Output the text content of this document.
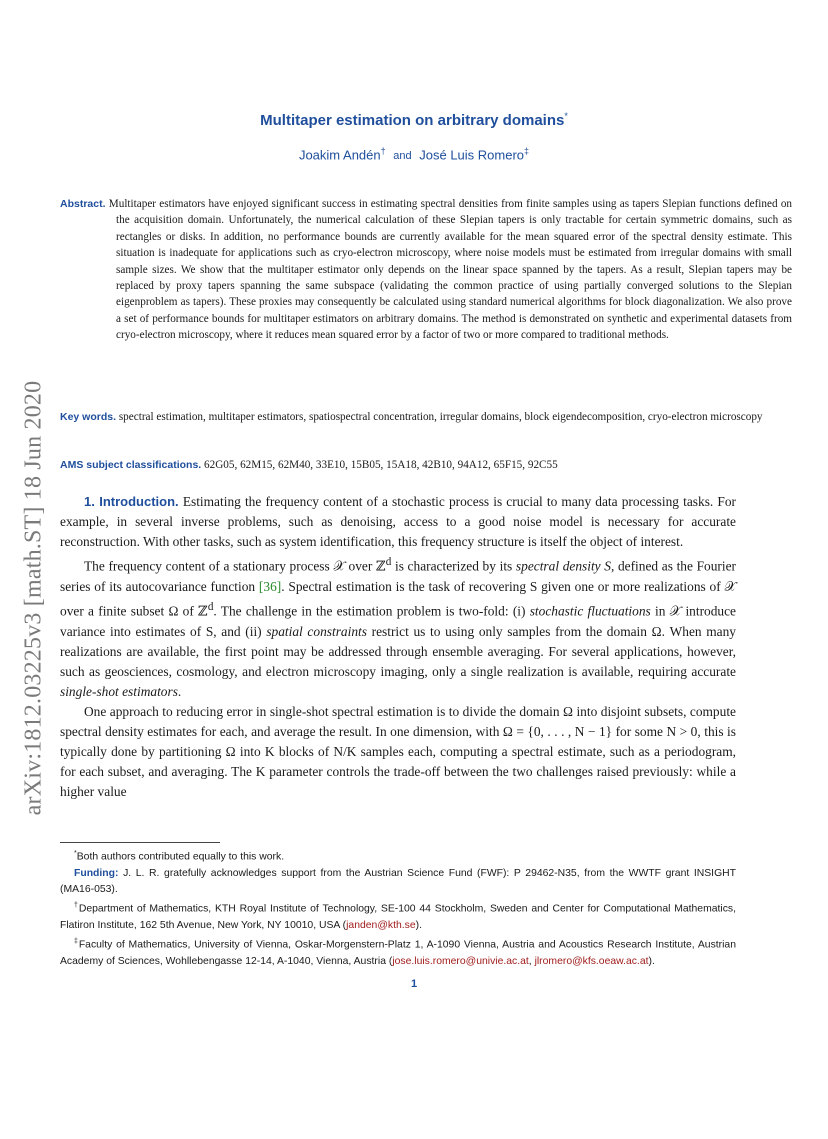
arXiv:1812.03225v3 [math.ST] 18 Jun 2020
Multitaper estimation on arbitrary domains*
Joakim Andén† and José Luis Romero‡
Abstract. Multitaper estimators have enjoyed significant success in estimating spectral densities from finite samples using as tapers Slepian functions defined on the acquisition domain. Unfortunately, the numerical calculation of these Slepian tapers is only tractable for certain symmetric domains, such as rectangles or disks. In addition, no performance bounds are currently available for the mean squared error of the spectral density estimate. This situation is inadequate for applications such as cryo-electron microscopy, where noise models must be estimated from irregular domains with small sample sizes. We show that the multitaper estimator only depends on the linear space spanned by the tapers. As a result, Slepian tapers may be replaced by proxy tapers spanning the same subspace (validating the common practice of using partially converged solutions to the Slepian eigenproblem as tapers). These proxies may consequently be calculated using standard numerical algorithms for block diagonalization. We also prove a set of performance bounds for multitaper estimators on arbitrary domains. The method is demonstrated on synthetic and experimental datasets from cryo-electron microscopy, where it reduces mean squared error by a factor of two or more compared to traditional methods.
Key words. spectral estimation, multitaper estimators, spatiospectral concentration, irregular domains, block eigendecomposition, cryo-electron microscopy
AMS subject classifications. 62G05, 62M15, 62M40, 33E10, 15B05, 15A18, 42B10, 94A12, 65F15, 92C55

1. Introduction. Estimating the frequency content of a stochastic process is crucial to many data processing tasks. For example, in several inverse problems, such as denoising, access to a good noise model is necessary for accurate reconstruction. With other tasks, such as system identification, this frequency structure is itself the object of interest.

The frequency content of a stationary process 𝒳 over ℤ$^d$ is characterized by its spectral density S, defined as the Fourier series of its autocovariance function [36]. Spectral estimation is the task of recovering S given one or more realizations of 𝒳 over a finite subset Ω of ℤ$^d$. The challenge in the estimation problem is two-fold: (i) stochastic fluctuations in 𝒳 introduce variance into estimates of S, and (ii) spatial constraints restrict us to using only samples from the domain Ω. When many realizations are available, the first point may be addressed through ensemble averaging. For several applications, however, such as geosciences, cosmology, and electron microscopy imaging, only a single realization is available, requiring accurate single-shot estimators.

One approach to reducing error in single-shot spectral estimation is to divide the domain Ω into disjoint subsets, compute spectral density estimates for each, and average the result. In one dimension, with Ω = {0, . . . , N − 1} for some N > 0, this is typically done by partitioning Ω into K blocks of N/K samples each, computing a spectral estimate, such as a periodogram, for each subset, and averaging. The K parameter controls the trade-off between the two challenges raised previously: while a higher value

*Both authors contributed equally to this work.

Funding: J. L. R. gratefully acknowledges support from the Austrian Science Fund (FWF): P 29462-N35, from the WWTF grant INSIGHT (MA16-053).

†Department of Mathematics, KTH Royal Institute of Technology, SE-100 44 Stockholm, Sweden and Center for Computational Mathematics, Flatiron Institute, 162 5th Avenue, New York, NY 10010, USA (janden@kth.se).

‡Faculty of Mathematics, University of Vienna, Oskar-Morgenstern-Platz 1, A-1090 Vienna, Austria and Acoustics Research Institute, Austrian Academy of Sciences, Wohllebengasse 12-14, A-1040, Vienna, Austria (jose.luis.romero@univie.ac.at, jlromero@kfs.oeaw.ac.at).

1
